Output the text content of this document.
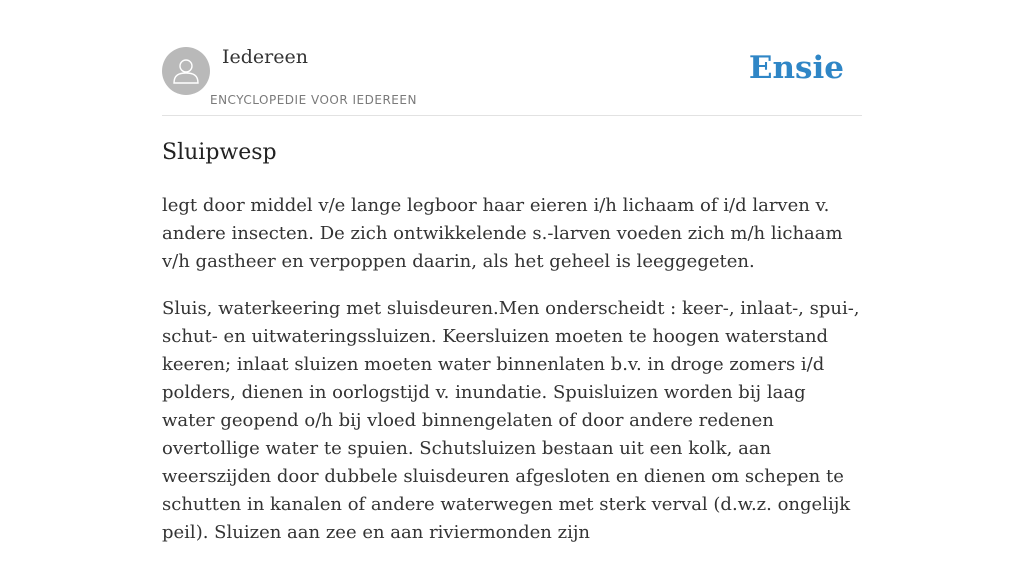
Iedereen
ENCYCLOPEDIE VOOR IEDEREEN
Ensie
Sluipwesp

legt door middel v/e lange legboor haar eieren i/h lichaam of i/d larven v. andere insecten. De zich ontwikkelende s.-larven voeden zich m/h lichaam v/h gastheer en verpoppen daarin, als het geheel is leeggegeten.

Sluis, waterkeering met sluisdeuren.Men onderscheidt : keer-, inlaat-, spui-, schut- en uitwateringssluizen. Keersluizen moeten te hoogen waterstand keeren; inlaat sluizen moeten water binnenlaten b.v. in droge zomers i/d polders, dienen in oorlogstijd v. inundatie. Spuisluizen worden bij laag water geopend o/h bij vloed binnengelaten of door andere redenen overtollige water te spuien. Schutsluizen bestaan uit een kolk, aan weerszijden door dubbele sluisdeuren afgesloten en dienen om schepen te schutten in kanalen of andere waterwegen met sterk verval (d.w.z. ongelijk peil). Sluizen aan zee en aan riviermonden zijn
